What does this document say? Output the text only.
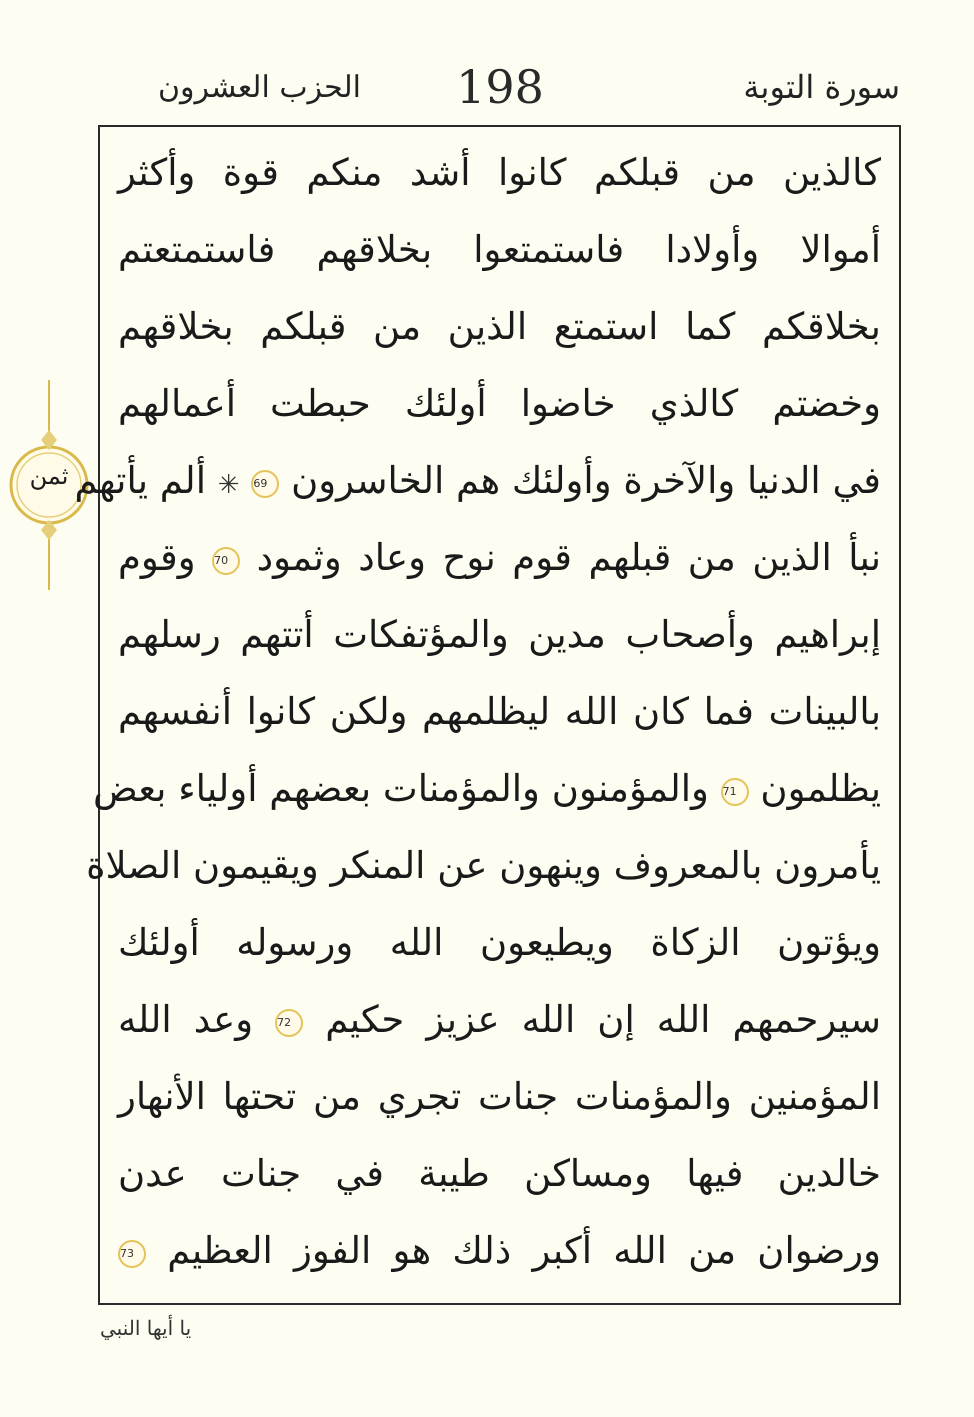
الحزب العشرون	198	سورة التوبة
ثمن
كالذين من قبلكم كانوا أشد منكم قوة وأكثر
أموالا وأولادا فاستمتعوا بخلاقهم فاستمتعتم
بخلاقكم كما استمتع الذين من قبلكم بخلاقهم
وخضتم كالذي خاضوا أولئك حبطت أعمالهم
في الدنيا والآخرة وأولئك هم الخاسرون 69 ✳ ألم يأتهم
نبأ الذين من قبلهم قوم نوح وعاد وثمود 70 وقوم
إبراهيم وأصحاب مدين والمؤتفكات أتتهم رسلهم
بالبينات فما كان الله ليظلمهم ولكن كانوا أنفسهم
يظلمون 71 والمؤمنون والمؤمنات بعضهم أولياء بعض
يأمرون بالمعروف وينهون عن المنكر ويقيمون الصلاة
ويؤتون الزكاة ويطيعون الله ورسوله أولئك
سيرحمهم الله إن الله عزيز حكيم 72 وعد الله
المؤمنين والمؤمنات جنات تجري من تحتها الأنهار
خالدين فيها ومساكن طيبة في جنات عدن
ورضوان من الله أكبر ذلك هو الفوز العظيم 73
يا أيها النبي
